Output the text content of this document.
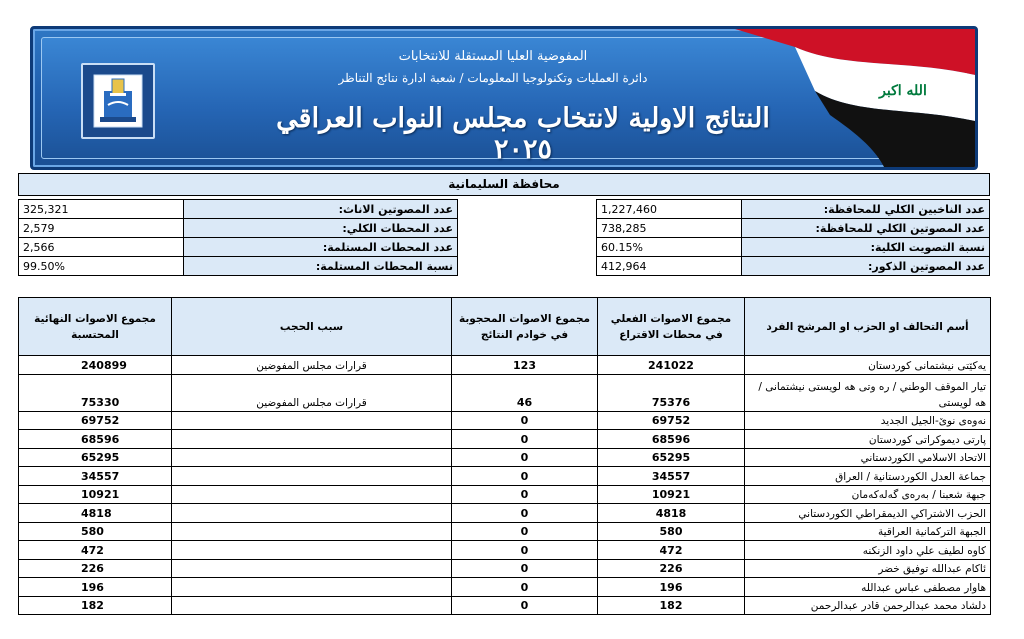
المفوضية العليا المستقلة للانتخابات
دائرة العمليات وتكنولوجيا المعلومات / شعبة ادارة نتائج التناظر
النتائج الاولية لانتخاب مجلس النواب العراقي ٢٠٢٥
الله اكبر
محافظة السليمانية
عدد الناخبين الكلي للمحافظة:	1,227,460
عدد المصوتين الكلي للمحافظة:	738,285
نسبة التصويت الكلية:	60.15%
عدد المصوتين الذكور:	412,964
عدد المصوتين الاناث:	325,321
عدد المحطات الكلي:	2,579
عدد المحطات المستلمة:	2,566
نسبة المحطات المستلمة:	99.50%
أسم التحالف او الحزب او المرشح الفرد	مجموع الاصوات الفعلي في محطات الاقتراع	مجموع الاصوات المحجوبة في خوادم النتائج	سبب الحجب	مجموع الاصوات النهائية المحتسبة
يەکێتی نیشتمانی کوردستان	241022	123	قرارات مجلس المفوضين	240899
تيار الموقف الوطني / ره وتى هه لويستى نيشتمانى / هه لويستى	75376	46	قرارات مجلس المفوضين	75330
نەوەی نوێ-الجيل الجديد	69752	0		69752
پارتی دیموکراتی کوردستان	68596	0		68596
الاتحاد الاسلامي الكوردستاني	65295	0		65295
جماعة العدل الكوردستانية / العراق	34557	0		34557
جبهة شعبنا / بەرەی گەلەکەمان	10921	0		10921
الحزب الاشتراكي الديمقراطي الكوردستاني	4818	0		4818
الجبهة التركمانية العراقية	580	0		580
كاوه لطيف علي داود الزنكنه	472	0		472
ئاكام عبدالله توفيق خضر	226	0		226
هاوار مصطفى عباس عبدالله	196	0		196
دلشاد محمد عبدالرحمن قادر عبدالرحمن	182	0		182
